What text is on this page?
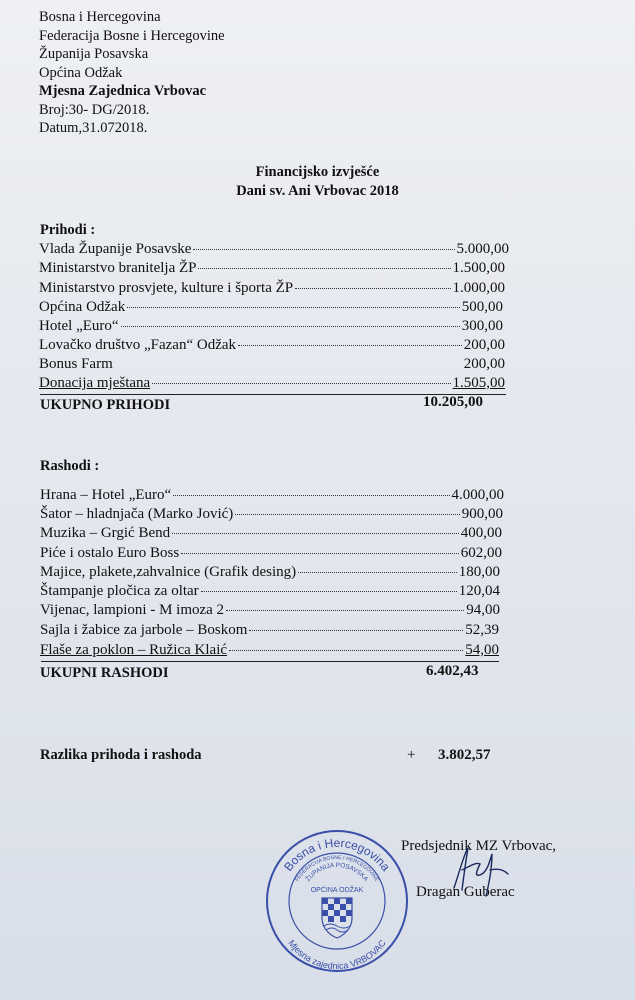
Bosna i Hercegovina
Federacija Bosne i Hercegovine
Županija Posavska
Općina Odžak
Mjesna Zajednica Vrbovac
Broj:30- DG/2018.
Datum,31.072018.
Financijsko izvješće
Dani sv. Ani Vrbovac 2018
Prihodi :
Vlada Županije Posavske	5.000,00
Ministarstvo branitelja ŽP	1.500,00
Ministarstvo prosvjete, kulture i športa ŽP	1.000,00
Općina Odžak	500,00
Hotel „Euro“	300,00
Lovačko društvo „Fazan“ Odžak	200,00
Bonus Farm	200,00
Donacija mještana	1.505,00
UKUPNO PRIHODI	10.205,00
Rashodi :
Hrana – Hotel „Euro“	4.000,00
Šator – hladnjača (Marko Jović)	900,00
Muzika – Grgić Bend	400,00
Piće i ostalo Euro Boss	602,00
Majice, plakete,zahvalnice (Grafik desing)	180,00
Štampanje pločica za oltar	120,04
Vijenac, lampioni - M imoza 2	94,00
Sajla i žabice za jarbole – Boskom	52,39
Flaše za poklon – Ružica Klaić	54,00
UKUPNI RASHODI	6.402,43
Razlika prihoda i rashoda	+ 3.802,57
Predsjednik MZ Vrbovac,
Dragan Guberac
Bosna i Hercegovina
FEDERACIJA BOSNE I HERCEGOVINE
ŽUPANIJA POSAVSKA
OPĆINA ODŽAK
Mjesna zajednica VRBOVAC
